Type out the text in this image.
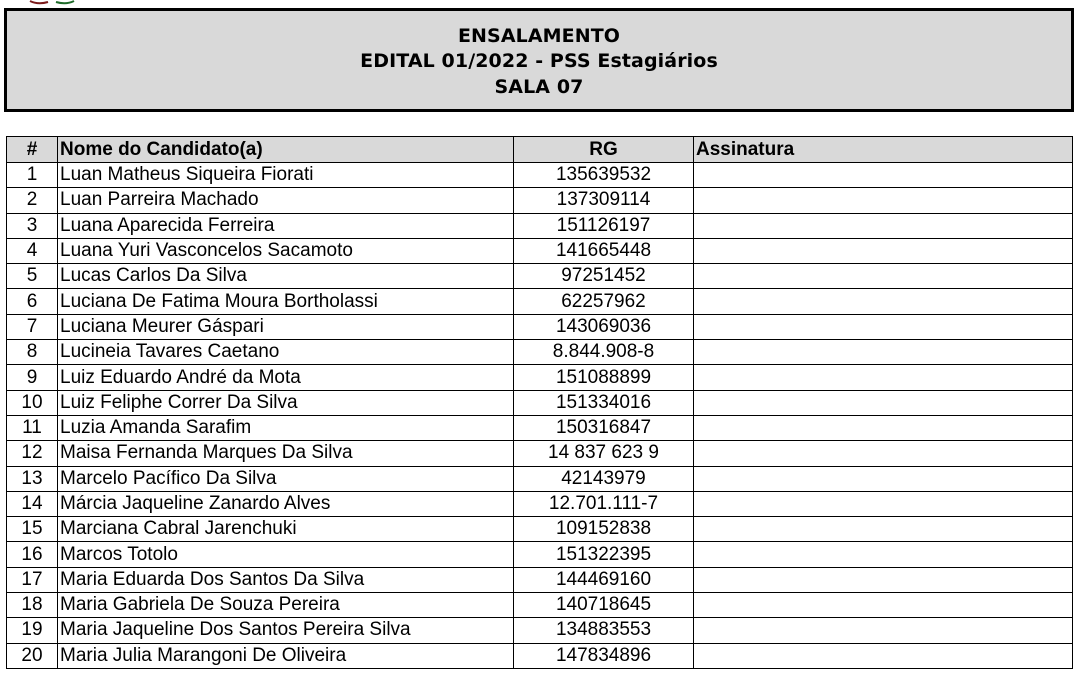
ENSALAMENTO
EDITAL 01/2022 - PSS Estagiários
SALA 07
#	Nome do Candidato(a)	RG	Assinatura
1	Luan Matheus Siqueira Fiorati	135639532	
2	Luan Parreira Machado	137309114	
3	Luana Aparecida Ferreira	151126197	
4	Luana Yuri Vasconcelos Sacamoto	141665448	
5	Lucas Carlos Da Silva	97251452	
6	Luciana De Fatima Moura Bortholassi	62257962	
7	Luciana Meurer Gáspari	143069036	
8	Lucineia Tavares Caetano	8.844.908-8	
9	Luiz Eduardo André da Mota	151088899	
10	Luiz Feliphe Correr Da Silva	151334016	
11	Luzia Amanda Sarafim	150316847	
12	Maisa Fernanda Marques Da Silva	14 837 623 9	
13	Marcelo Pacífico Da Silva	42143979	
14	Márcia Jaqueline Zanardo Alves	12.701.111-7	
15	Marciana Cabral Jarenchuki	109152838	
16	Marcos Totolo	151322395	
17	Maria Eduarda Dos Santos Da Silva	144469160	
18	Maria Gabriela De Souza Pereira	140718645	
19	Maria Jaqueline Dos Santos Pereira Silva	134883553	
20	Maria Julia Marangoni De Oliveira	147834896	
